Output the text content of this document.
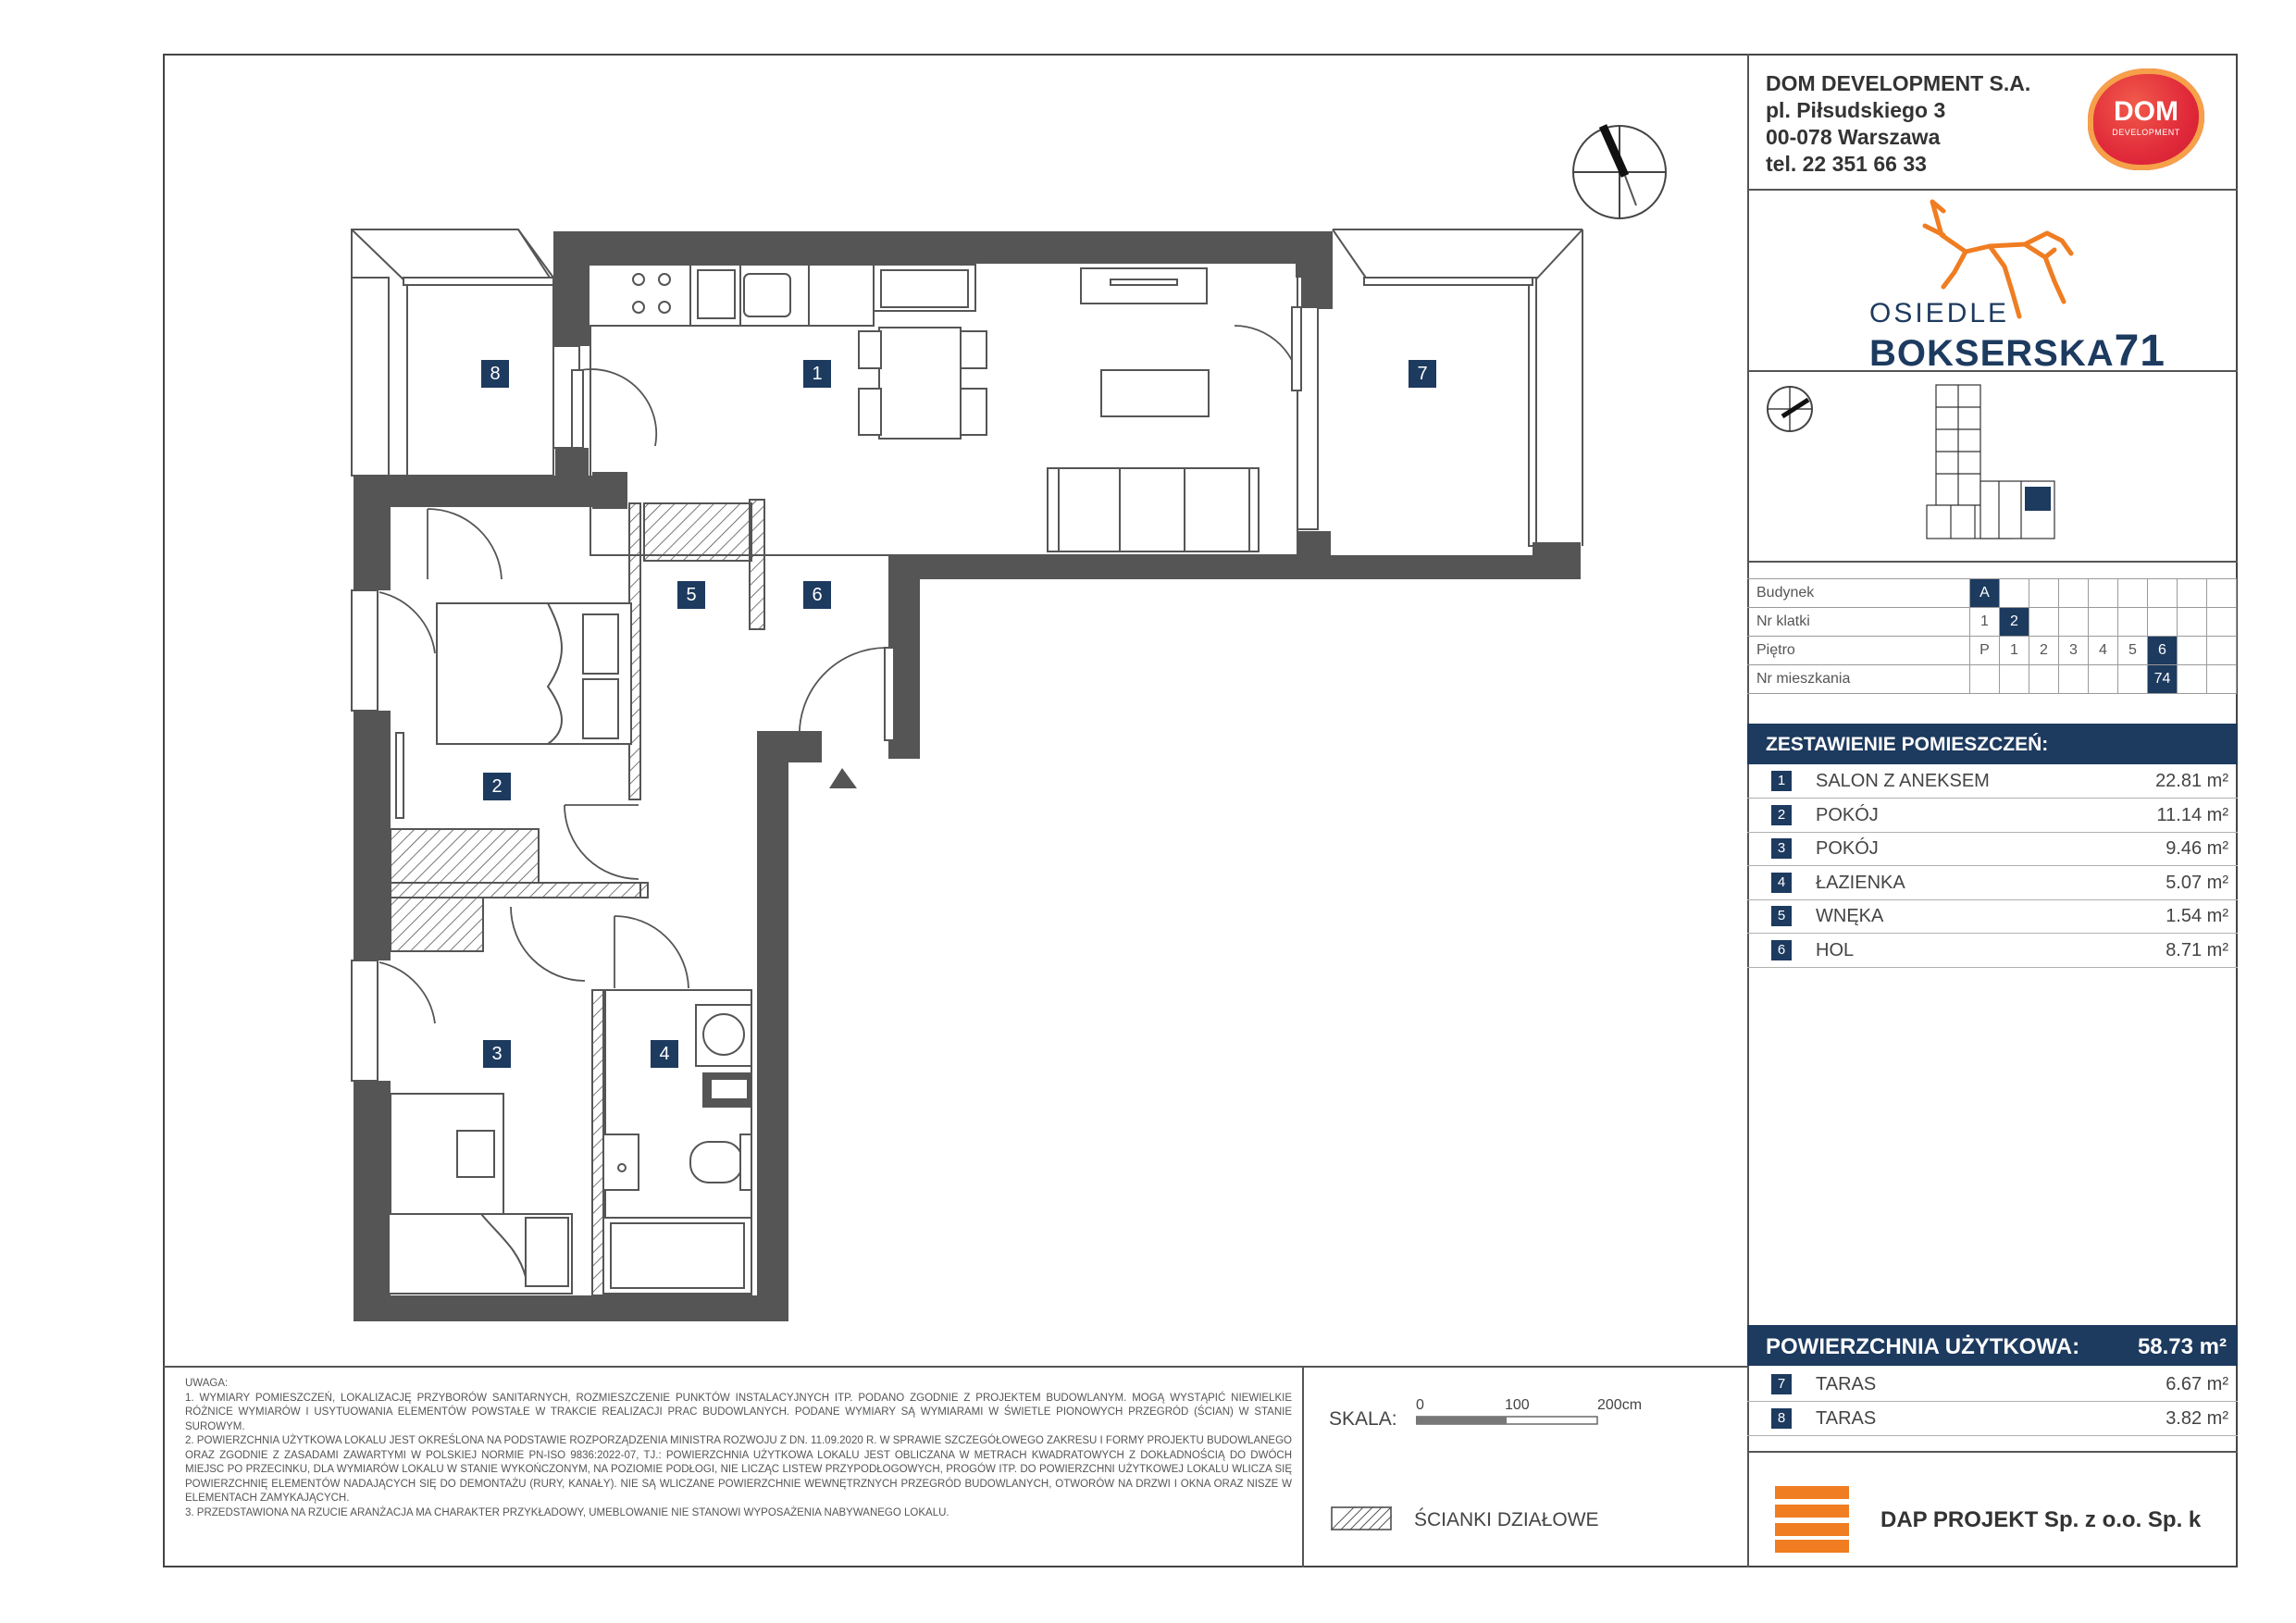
DOM DEVELOPMENT S.A.
pl. Piłsudskiego 3
00-078 Warszawa
tel. 22 351 66 33
DOM
DEVELOPMENT
OSIEDLE
BOKSERSKA71
Budynek	A								
Nr klatki	1	2							
Piętro	P	1	2	3	4	5	6		
Nr mieszkania							74		
ZESTAWIENIE POMIESZCZEŃ:
1	SALON Z ANEKSEM	22.81 m²
2	POKÓJ	11.14 m²
3	POKÓJ	9.46 m²
4	ŁAZIENKA	5.07 m²
5	WNĘKA	1.54 m²
6	HOL	8.71 m²
POWIERZCHNIA UŻYTKOWA:	58.73 m²
7	TARAS	6.67 m²
8	TARAS	3.82 m²
DAP PROJEKT Sp. z o.o. Sp. k

UWAGA:

1. WYMIARY POMIESZCZEŃ, LOKALIZACJĘ PRZYBORÓW SANITARNYCH, ROZMIESZCZENIE PUNKTÓW INSTALACYJNYCH ITP. PODANO ZGODNIE Z PROJEKTEM BUDOWLANYM. MOGĄ WYSTĄPIĆ NIEWIELKIE RÓŻNICE WYMIARÓW I USYTUOWANIA ELEMENTÓW POWSTAŁE W TRAKCIE REALIZACJI PRAC BUDOWLANYCH. PODANE WYMIARY SĄ WYMIARAMI W ŚWIETLE PIONOWYCH PRZEGRÓD (ŚCIAN) W STANIE SUROWYM.

2. POWIERZCHNIA UŻYTKOWA LOKALU JEST OKREŚLONA NA PODSTAWIE ROZPORZĄDZENIA MINISTRA ROZWOJU Z DN. 11.09.2020 R. W SPRAWIE SZCZEGÓŁOWEGO ZAKRESU I FORMY PROJEKTU BUDOWLANEGO ORAZ ZGODNIE Z ZASADAMI ZAWARTYMI W POLSKIEJ NORMIE PN-ISO 9836:2022-07, TJ.: POWIERZCHNIA UŻYTKOWA LOKALU JEST OBLICZANA W METRACH KWADRATOWYCH Z DOKŁADNOŚCIĄ DO DWÓCH MIEJSC PO PRZECINKU, DLA WYMIARÓW LOKALU W STANIE WYKOŃCZONYM, NA POZIOMIE PODŁOGI, NIE LICZĄC LISTEW PRZYPODŁOGOWYCH, PROGÓW ITP. DO POWIERZCHNI UŻYTKOWEJ LOKALU WLICZA SIĘ POWIERZCHNIĘ ELEMENTÓW NADAJĄCYCH SIĘ DO DEMONTAŻU (RURY, KANAŁY). NIE SĄ WLICZANE POWIERZCHNIE WEWNĘTRZNYCH PRZEGRÓD BUDOWLANYCH, OTWORÓW NA DRZWI I OKNA ORAZ NISZE W ELEMENTACH ZAMYKAJĄCYCH.

3. PRZEDSTAWIONA NA RZUCIE ARANŻACJA MA CHARAKTER PRZYKŁADOWY, UMEBLOWANIE NIE STANOWI WYPOSAŻENIA NABYWANEGO LOKALU.

SKALA:
0	100	200cm
ŚCIANKI DZIAŁOWE
1
2
3	4
5	6
7
8
